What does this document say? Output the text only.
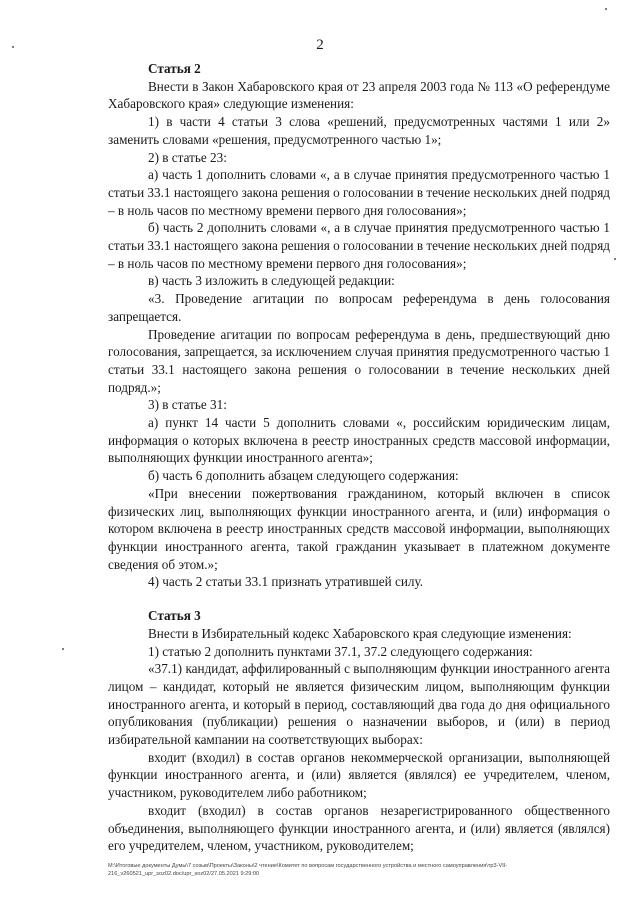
2

Статья 2

Внести в Закон Хабаровского края от 23 апреля 2003 года № 113 «О референдуме Хабаровского края» следующие изменения:

1) в части 4 статьи 3 слова «решений, предусмотренных частями 1 или 2» заменить словами «решения, предусмотренного частью 1»;

2) в статье 23:

а) часть 1 дополнить словами «, а в случае принятия предусмотренного частью 1 статьи 33.1 настоящего закона решения о голосовании в течение нескольких дней подряд – в ноль часов по местному времени первого дня голосования»;

б) часть 2 дополнить словами «, а в случае принятия предусмотренного частью 1 статьи 33.1 настоящего закона решения о голосовании в течение нескольких дней подряд – в ноль часов по местному времени первого дня голосования»;

в) часть 3 изложить в следующей редакции:

«3. Проведение агитации по вопросам референдума в день голосования запрещается.

Проведение агитации по вопросам референдума в день, предшествующий дню голосования, запрещается, за исключением случая принятия предусмотренного частью 1 статьи 33.1 настоящего закона решения о голосовании в течение нескольких дней подряд.»;

3) в статье 31:

а) пункт 14 части 5 дополнить словами «, российским юридическим лицам, информация о которых включена в реестр иностранных средств массовой информации, выполняющих функции иностранного агента»;

б) часть 6 дополнить абзацем следующего содержания:

«При внесении пожертвования гражданином, который включен в список физических лиц, выполняющих функции иностранного агента, и (или) информация о котором включена в реестр иностранных средств массовой информации, выполняющих функции иностранного агента, такой гражданин указывает в платежном документе сведения об этом.»;

4) часть 2 статьи 33.1 признать утратившей силу.

Статья 3

Внести в Избирательный кодекс Хабаровского края следующие изменения:

1) статью 2 дополнить пунктами 37.1, 37.2 следующего содержания:

«37.1) кандидат, аффилированный с выполняющим функции иностранного агента лицом – кандидат, который не является физическим лицом, выполняющим функции иностранного агента, и который в период, составляющий два года до дня официального опубликования (публикации) решения о назначении выборов, и (или) в период избирательной кампании на соответствующих выборах:

входит (входил) в состав органов некоммерческой организации, выполняющей функции иностранного агента, и (или) является (являлся) ее учредителем, членом, участником, руководителем либо работником;

входит (входил) в состав органов незарегистрированного общественного объединения, выполняющего функции иностранного агента, и (или) является (являлся) его учредителем, членом, участником, руководителем;

M:\Итоговые документы Думы\7 созыв\Проекты\Законы\2 чтение\Комитет по вопросам государственного устройства и местного самоуправления\тр3-VII-216_v260521_upr_soz02.doc/upr_soz02/27.05.2021 9:29:00
